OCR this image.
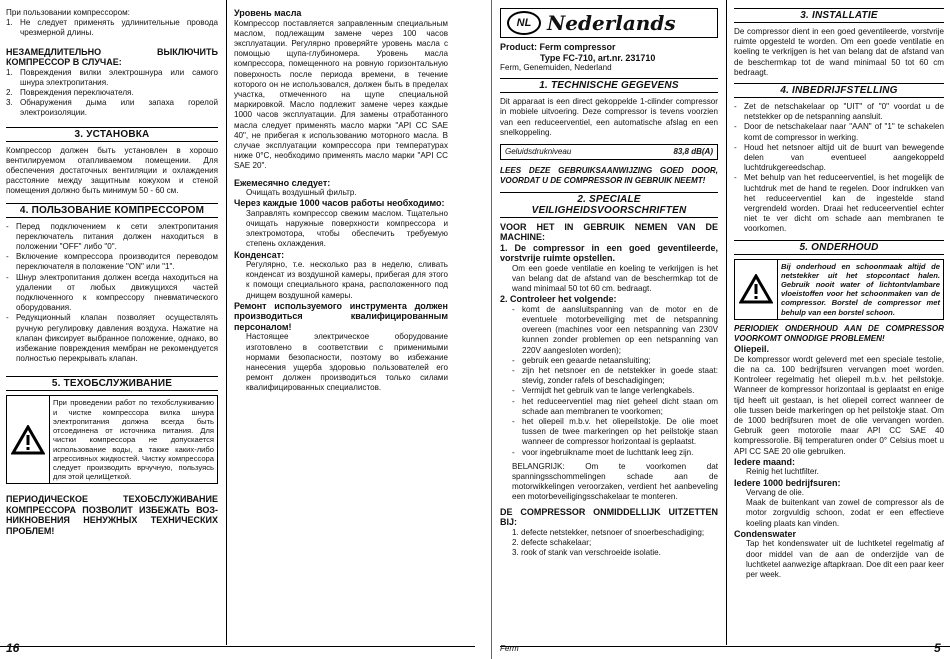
При пользовании компрессором:

1. Не следует применять удлинительные провода чрезмерной длины.

НЕЗАМЕДЛИТЕЛЬНО ВЫКЛЮЧИТЬ КОМПРЕССОР В СЛУЧАЕ:

1. Повреждения вилки электрошнура или самого шнура электропитания.
2. Повреждения переключателя.
3. Обнаружения дыма или запаха горелой электроизоляции.
3. УСТАНОВКА

Компрессор должен быть установлен в хорошо вентилируемом отапливаемом помещении. Для обеспечения достаточных вентиляции и охлаждения расстояние между защитным кожухом и стеной помещения должно быть минимум 50 - 60 см.

4. ПОЛЬЗОВАНИЕ КОМПРЕССОРОМ
- Перед подключением к сети электропитания переключатель питания должен находиться в положении "OFF" либо "0".
- Включение компрессора производится переводом переключателя в положение "ON" или "1".
- Шнур электропитания должен всегда находиться на удалении от любых движущихся частей подключенного к компрессору пневматического оборудования.
- Редукционный клапан позволяет осуществлять ручную регулировку давления воздуха. Нажатие на клапан фиксирует выбранное положение, однако, во избежание повреждения мембран не рекомендуется полностью перекрывать клапан.
5. ТЕХОБСЛУЖИВАНИЕ
При проведении работ по техобслуживанию и чистке компрессора вилка шнура электропитания должна всегда быть отсоединена от источника питания. Для чистки компрессора не допускается использование воды, а также каких-либо агрессивных жидкостей. Чистку компрессора следует производить врчучную, пользуясь для этой целиЩеткой.

ПЕРИОДИЧЕСКОЕ ТЕХОБСЛУЖИВАНИЕ КОМПРЕССОРА ПОЗВОЛИТ ИЗБЕЖАТЬ ВОЗ- НИКНОВЕНИЯ НЕНУЖНЫХ ТЕХНИЧЕСКИХ ПРОБЛЕМ!

Уровень масла

Компрессор поставляется заправленным специальным маслом, подлежащим замене через 100 часов эксплуатации. Регулярно проверяйте уровень масла с помощью щупа-глубиномера. Уровень масла компрессора, помещенного на ровную горизонтальную поверхность после периода времени, в течение которого он не использовался, должен быть в пределах участка, отмеченного на щупе специальной маркировкой. Масло подлежит замене через каждые 1000 часов эксплуатации. Для замены отработанного масла следует применять масло марки "API CC SAE 40", не прибегая к использованию моторного масла. В случае эксплуатации компрессора при температурах ниже 0°С, необходимо применять масло марки "API CC SAE 20".

Ежемесячно следует:

Очищать воздушный фильтр.

Через каждые 1000 часов работы необходимо:

Заправлять компрессор свежим маслом. Тщательно очищать наружные поверхности компрессора и электромотора, чтобы обеспечить требуемую степень охлаждения.

Конденсат:

Регулярно, т.е. несколько раз в неделю, сливать конденсат из воздушной камеры, прибегая для этого к помощи специального крана, расположенного под днищем воздушной камеры.

Ремонт используемого инструмента должен производиться квалифицированным персоналом!

Настоящее электрическое оборудование изготовлено в соответствии с применимыми нормами безопасности, поэтому во избежание нанесения ущерба здоровью пользователей его ремонт должен производиться только силами квалифицированных специалистов.

NL Nederlands

Product: Ferm compressor

Type FC-710, art.nr. 231710

Ferm, Genemuiden, Nederland

1. TECHNISCHE GEGEVENS

Dit apparaat is een direct gekoppelde 1-cilinder compressor in mobiele uitvoering. Deze compressor is tevens voorzien van een reduceerventiel, een automatische afslag en een snelkoppeling.

Geluidsdrukniveau	83,8 dB(A)

LEES DEZE GEBRUIKSAANWIJZING GOED DOOR, VOORDAT U DE COMPRESSOR IN GEBRUIK NEEMT!

2. SPECIALE VEILIGHEIDSVOORSCHRIFTEN

VOOR HET IN GEBRUIK NEMEN VAN DE MACHINE:

1. De compressor in een goed geventileerde, vorstvrije ruimte opstellen.

Om een goede ventilatie en koeling te verkrijgen is het van belang dat de afstand van de beschermkap tot de wand minimaal 50 tot 60 cm. bedraagt.

2. Controleer het volgende:

- komt de aansluitspanning van de motor en de eventuele motorbeveiliging met de netspanning overeen (machines voor een netspanning van 230V kunnen zonder problemen op een netspanning van 220V aangesloten worden);
- gebruik een geaarde netaansluiting;
- zijn het netsnoer en de netstekker in goede staat: stevig, zonder rafels of beschadigingen;
- Vermijdt het gebruik van te lange verlengkabels.
- het reduceerventiel mag niet geheel dicht staan om schade aan membranen te voorkomen;
- het oliepeil m.b.v. het oliepeilstokje. De olie moet tussen de twee markeringen op het peilstokje staan wanneer de compressor horizontaal is geplaatst.
- voor ingebruikname moet de luchttank leeg zijn.

BELANGRIJK: Om te voorkomen dat spanningsschommelingen schade aan de motorwikkelingen veroorzaken, verdient het aanbeveling een motorbeveiligingsschakelaar te monteren.

DE COMPRESSOR ONMIDDELLIJK UITZETTEN BIJ:

1. defecte netstekker, netsnoer of snoerbeschadiging;

2. defecte schakelaar;

3. rook of stank van verschroeide isolatie.

3. INSTALLATIE

De compressor dient in een goed geventileerde, vorstvrije ruimte opgesteld te worden. Om een goede ventilatie en koeling te verkrijgen is het van belang dat de afstand van de beschermkap tot de wand minimaal 50 tot 60 cm bedraagt.

4. INBEDRIJFSTELLING
- Zet de netschakelaar op "UIT" of "0" voordat u de netstekker op de netspanning aansluit.
- Door de netschakelaar naar "AAN" of "1" te schakelen komt de compressor in werking.
- Houd het netsnoer altijd uit de buurt van bewegende delen van eventueel aangekoppeld luchtdrukgereedschap.
- Met behulp van het reduceerventiel, is het mogelijk de luchtdruk met de hand te regelen. Door indrukken van het reduceerventiel kan de ingestelde stand vergrendeld worden. Draai het reduceerventiel echter niet te ver dicht om schade aan membranen te voorkomen.
5. ONDERHOUD
Bij onderhoud en schoonmaak altijd de netstekker uit het stopcontact halen. Gebruik nooit water of lichtontvlambare vloeistoffen voor het schoonmaken van de compressor. Borstel de compressor met behulp van een borstel schoon.

PERIODIEK ONDERHOUD AAN DE COMPRESSOR VOORKOMT ONNODIGE PROBLEMEN!

Oliepeil.

De kompressor wordt geleverd met een speciale testolie, die na ca. 100 bedrijfsuren vervangen moet worden. Kontroleer regelmatig het oliepeil m.b.v. het peilstokje. Wanneer de kompressor horizontaal is geplaatst en enige tijd heeft uit gestaan, is het oliepeil correct wanneer de olie tussen beide markeringen op het peilstokje staat. Om de 1000 bedrijfsuren moet de olie vervangen worden. Gebruik geen motorolie maar API CC SAE 40 kompressorolie. Bij temperaturen onder 0° Celsius moet u API CC SAE 20 olie gebruiken.

Iedere maand:

Reinig het luchtfilter.

Iedere 1000 bedrijfsuren:

Vervang de olie.

Maak de buitenkant van zowel de compressor als de motor zorgvuldig schoon, zodat er een effectieve koeling plaats kan vinden.

Condenswater

Tap het kondenswater uit de luchtketel regelmatig af door middel van de aan de onderzijde van de luchtketel aanwezige aftapkraan. Doe dit een paar keer per week.

16	Ferm	5
